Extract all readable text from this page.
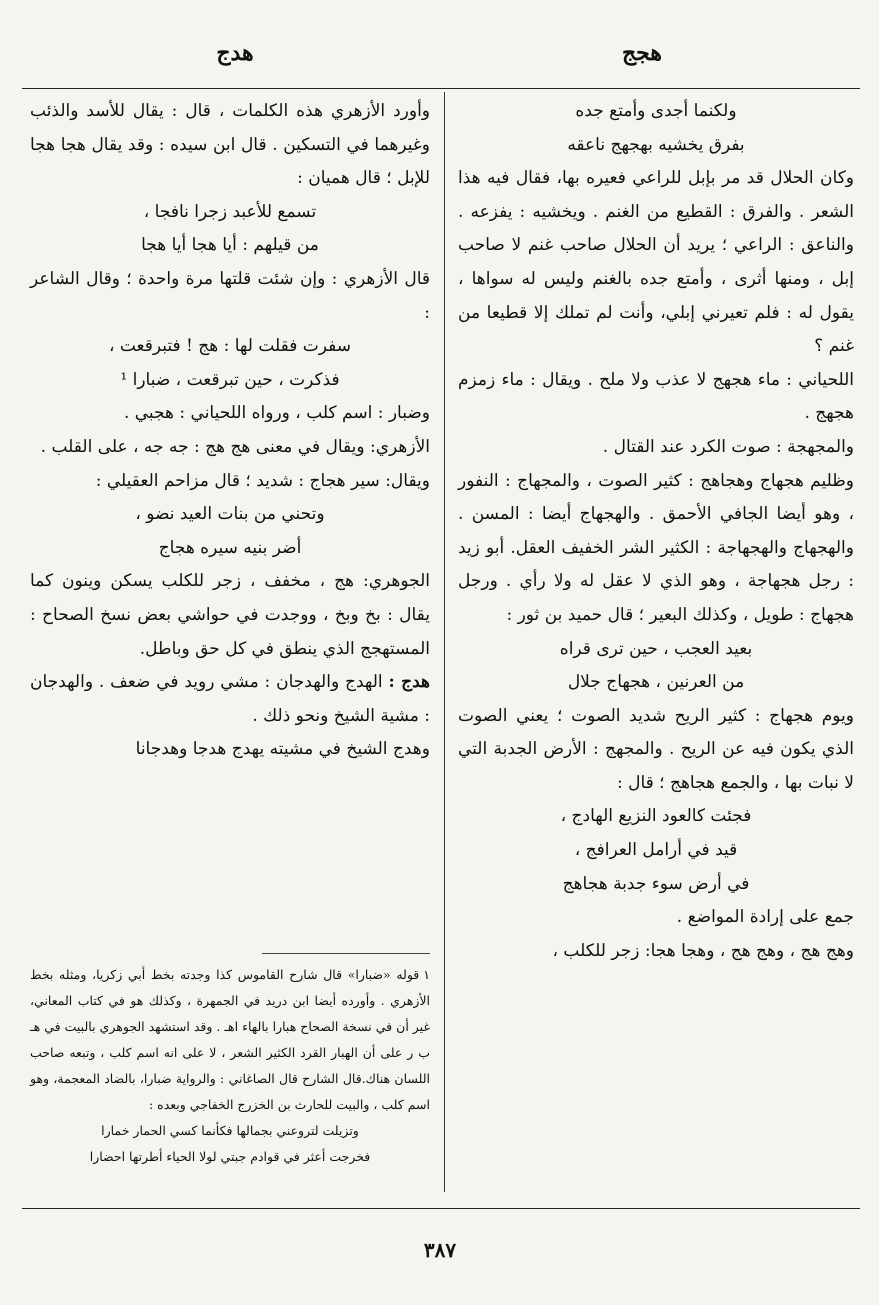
هجج
هدج

ولكنما أجدى وأمتع جده

بفرق يخشيه بهجهج ناعقه

وكان الحلال قد مر بإبل للراعي فعيره بها، فقال فيه هذا الشعر . والفرق : القطيع من الغنم . ويخشيه : يفزعه . والناعق : الراعي ؛ يريد أن الحلال صاحب غنم لا صاحب إبل ، ومنها أثرى ، وأمتع جده بالغنم وليس له سواها ، يقول له : فلم تعيرني إبلي، وأنت لم تملك إلا قطيعا من غنم ؟

اللحياني : ماء هجهج لا عذب ولا ملح . ويقال : ماء زمزم هجهج .

والمجهجة : صوت الكرد عند القتال .

وظليم هجهاج وهجاهج : كثير الصوت ، والمجهاج : النفور ، وهو أيضا الجافي الأحمق . والهجهاج أيضا : المسن . والهجهاج والهجهاجة : الكثير الشر الخفيف العقل. أبو زيد : رجل هجهاجة ، وهو الذي لا عقل له ولا رأي . ورجل هجهاج : طويل ، وكذلك البعير ؛ قال حميد بن ثور :

بعيد العجب ، حين ترى قراه

من العرنين ، هجهاج جلال

ويوم هجهاج : كثير الريح شديد الصوت ؛ يعني الصوت الذي يكون فيه عن الريح . والمجهج : الأرض الجدبة التي لا نبات بها ، والجمع هجاهج ؛ قال :

فجئت كالعود النزيع الهادج ،

قيد في أرامل العرافج ،

في أرض سوء جدبة هجاهج

جمع على إرادة المواضع .

وهج هج ، وهج هج ، وهجا هجا: زجر للكلب ،

وأورد الأزهري هذه الكلمات ، قال : يقال للأسد والذئب وغيرهما في التسكين . قال ابن سيده : وقد يقال هجا هجا للإبل ؛ قال هميان :

تسمع للأعبد زجرا نافجا ،

من قيلهم : أيا هجا أيا هجا

قال الأزهري : وإن شئت قلتها مرة واحدة ؛ وقال الشاعر :

سفرت فقلت لها : هج ! فتبرقعت ،

فذكرت ، حين تبرقعت ، ضبارا ¹

وضبار : اسم كلب ، ورواه اللحياني : هجبي .

الأزهري: ويقال في معنى هج هج : جه جه ، على القلب .

ويقال: سير هجاج : شديد ؛ قال مزاحم العقيلي :

وتحني من بنات العيد نضو ،

أضر بنيه سيره هجاج

الجوهري: هج ، مخفف ، زجر للكلب يسكن وينون كما يقال : بخ وبخ ، ووجدت في حواشي بعض نسخ الصحاح : المستهجج الذي ينطق في كل حق وباطل.

هدج : الهدج والهدجان : مشي رويد في ضعف . والهدجان : مشية الشيخ ونحو ذلك .

وهدج الشيخ في مشيته يهدج هدجا وهدجانا

١قوله «ضبارا» قال شارح القاموس كذا وجدته بخط أبي زكريا، ومثله بخط الأزهري . وأورده أيضا ابن دريد في الجمهرة ، وكذلك هو في كتاب المعاني، غير أن في نسخة الصحاح هبارا بالهاء اهـ . وقد استشهد الجوهري بالبيت في هـ ب ر على أن الهبار القرد الكثير الشعر ، لا على انه اسم كلب ، وتبعه صاحب اللسان هناك.قال الشارح قال الصاغاني : والرواية ضبارا، بالضاد المعجمة، وهو اسم كلب ، والبيت للحارث بن الخزرج الخفاجي وبعده :

وتزيلت لتروعني بجمالها فكأنما كسي الحمار خمارا

فخرجت أعثر في قوادم جبتي لولا الحياء أطرتها احضارا

٣٨٧
